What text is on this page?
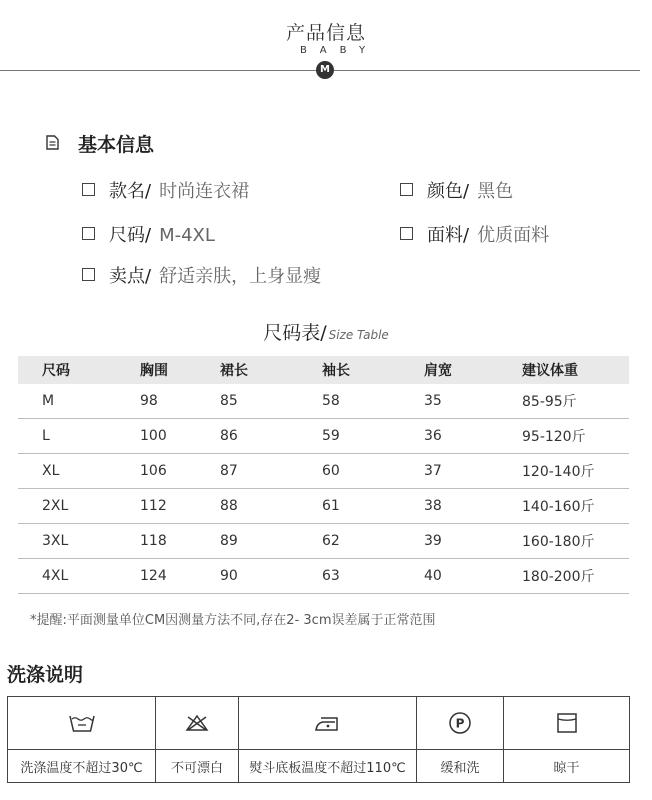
产品信息
BABY
M
基本信息
款名/ 时尚连衣裙	颜色/ 黑色
尺码/ M-4XL	面料/ 优质面料
卖点/ 舒适亲肤，上身显瘦
尺码表/ Size Table
尺码	胸围	裙长	袖长	肩宽	建议体重
M	98	85	58	35	85-95斤
L	100	86	59	36	95-120斤
XL	106	87	60	37	120-140斤
2XL	112	88	61	38	140-160斤
3XL	118	89	62	39	160-180斤
4XL	124	90	63	40	180-200斤
*提醒:平面测量单位CM因测量方法不同,存在2- 3cm误差属于正常范围
洗涤说明

P

洗涤温度不超过30℃	不可漂白	熨斗底板温度不超过110℃	缓和洗	晾干
